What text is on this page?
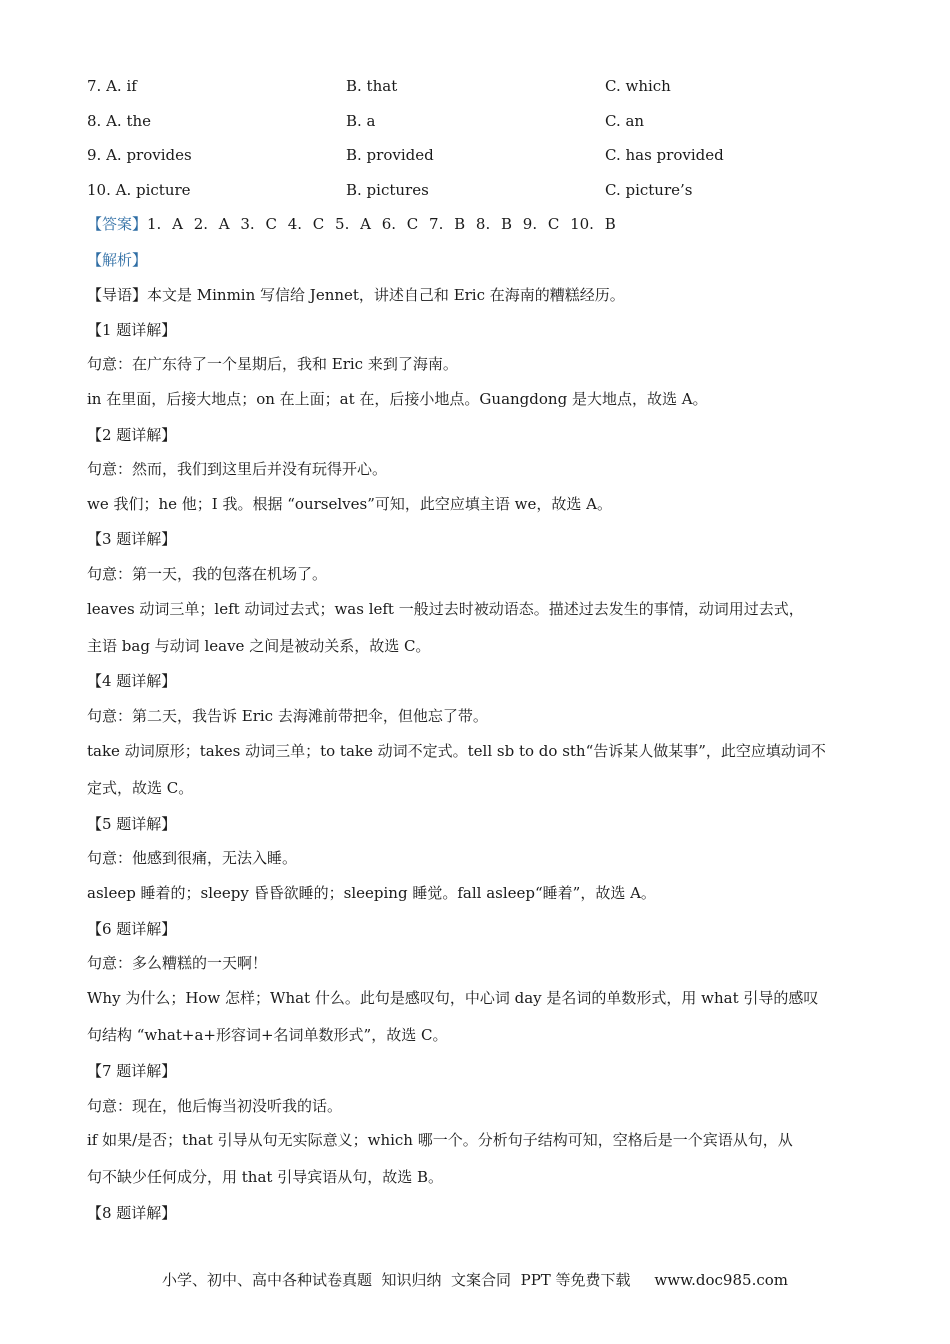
7. A. if	B. that	C. which
8. A. the	B. a	C. an
9. A. provides	B. provided	C. has provided
10. A. picture	B. pictures	C. picture’s
【答案】1. A 2. A 3. C 4. C 5. A 6. C 7. B 8. B 9. C 10. B
【解析】
【导语】本文是 Minmin 写信给 Jennet，讲述自己和 Eric 在海南的糟糕经历。
【1 题详解】
句意：在广东待了一个星期后，我和 Eric 来到了海南。
in 在里面，后接大地点；on 在上面；at 在，后接小地点。Guangdong 是大地点，故选 A。
【2 题详解】
句意：然而，我们到这里后并没有玩得开心。
we 我们；he 他；I 我。根据 “ourselves”可知，此空应填主语 we，故选 A。
【3 题详解】
句意：第一天，我的包落在机场了。
leaves 动词三单；left 动词过去式；was left 一般过去时被动语态。描述过去发生的事情，动词用过去式，
主语 bag 与动词 leave 之间是被动关系，故选 C。
【4 题详解】
句意：第二天，我告诉 Eric 去海滩前带把伞，但他忘了带。
take 动词原形；takes 动词三单；to take 动词不定式。tell sb to do sth“告诉某人做某事”，此空应填动词不
定式，故选 C。
【5 题详解】
句意：他感到很痛，无法入睡。
asleep 睡着的；sleepy 昏昏欲睡的；sleeping 睡觉。fall asleep“睡着”，故选 A。
【6 题详解】
句意：多么糟糕的一天啊！
Why 为什么；How 怎样；What 什么。此句是感叹句，中心词 day 是名词的单数形式，用 what 引导的感叹
句结构 “what+a+形容词+名词单数形式”，故选 C。
【7 题详解】
句意：现在，他后悔当初没听我的话。
if 如果/是否；that 引导从句无实际意义；which 哪一个。分析句子结构可知，空格后是一个宾语从句，从
句不缺少任何成分，用 that 引导宾语从句，故选 B。
【8 题详解】
小学、初中、高中各种试卷真题  知识归纳  文案合同  PPT 等免费下载     www.doc985.com
